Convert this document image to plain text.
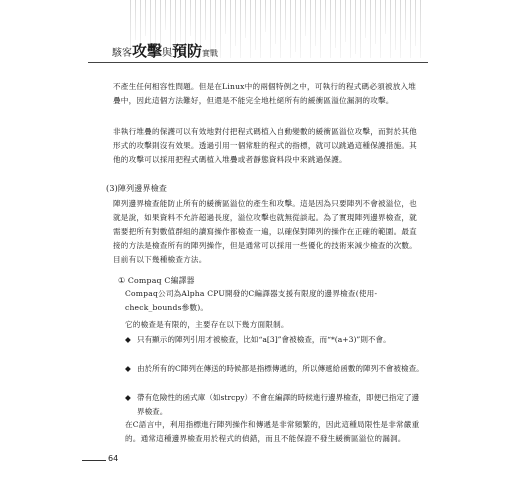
駭客攻擊與預防實戰
不產生任何相容性問題。但是在Linux中的兩個特例之中，可執行的程式碼必須被放入堆疊中，因此這個方法難好，但還是不能完全地杜絕所有的緩衝區溢位漏洞的攻擊。
非執行堆疊的保護可以有效地對付把程式碼植入自動變數的緩衝區溢位攻擊，而對於其他形式的攻擊則沒有效果。透過引用一個常駐的程式的指標，就可以跳過這種保護措施。其他的攻擊可以採用把程式碼植入堆疊或者靜態資料段中來跳過保護。
(3)陣列邊界檢查
陣列邊界檢查能防止所有的緩衝區溢位的產生和攻擊。這是因為只要陣列不會被溢位，也就是說，如果資料不允許超過長度，溢位攻擊也就無從談起。為了實現陣列邊界檢查，就需要把所有對數值群組的讀寫操作都檢查一遍，以確保對陣列的操作在正確的範圍。最直接的方法是檢查所有的陣列操作，但是通常可以採用一些優化的技術來減少檢查的次數。目前有以下幾種檢查方法。
① Compaq C編譯器
Compaq公司為Alpha CPU開發的C編譯器支援有限度的邊界檢查(使用-check_bounds參數)。
它的檢查是有限的，主要存在以下幾方面限制。
◆ 只有顯示的陣列引用才被檢查，比如“a[3]”會被檢查，而“*(a+3)”則不會。
◆ 由於所有的C陣列在傳送的時候都是指標傳遞的，所以傳遞給函數的陣列不會被檢查。
◆ 帶有危險性的函式庫（如strcpy）不會在編譯的時候進行邊界檢查，即便已指定了邊界檢查。
在C語言中，利用指標進行陣列操作和傳遞是非常頻繁的，因此這種局限性是非常嚴重的。通常這種邊界檢查用於程式的偵錯，而且不能保證不發生緩衝區溢位的漏洞。
64
